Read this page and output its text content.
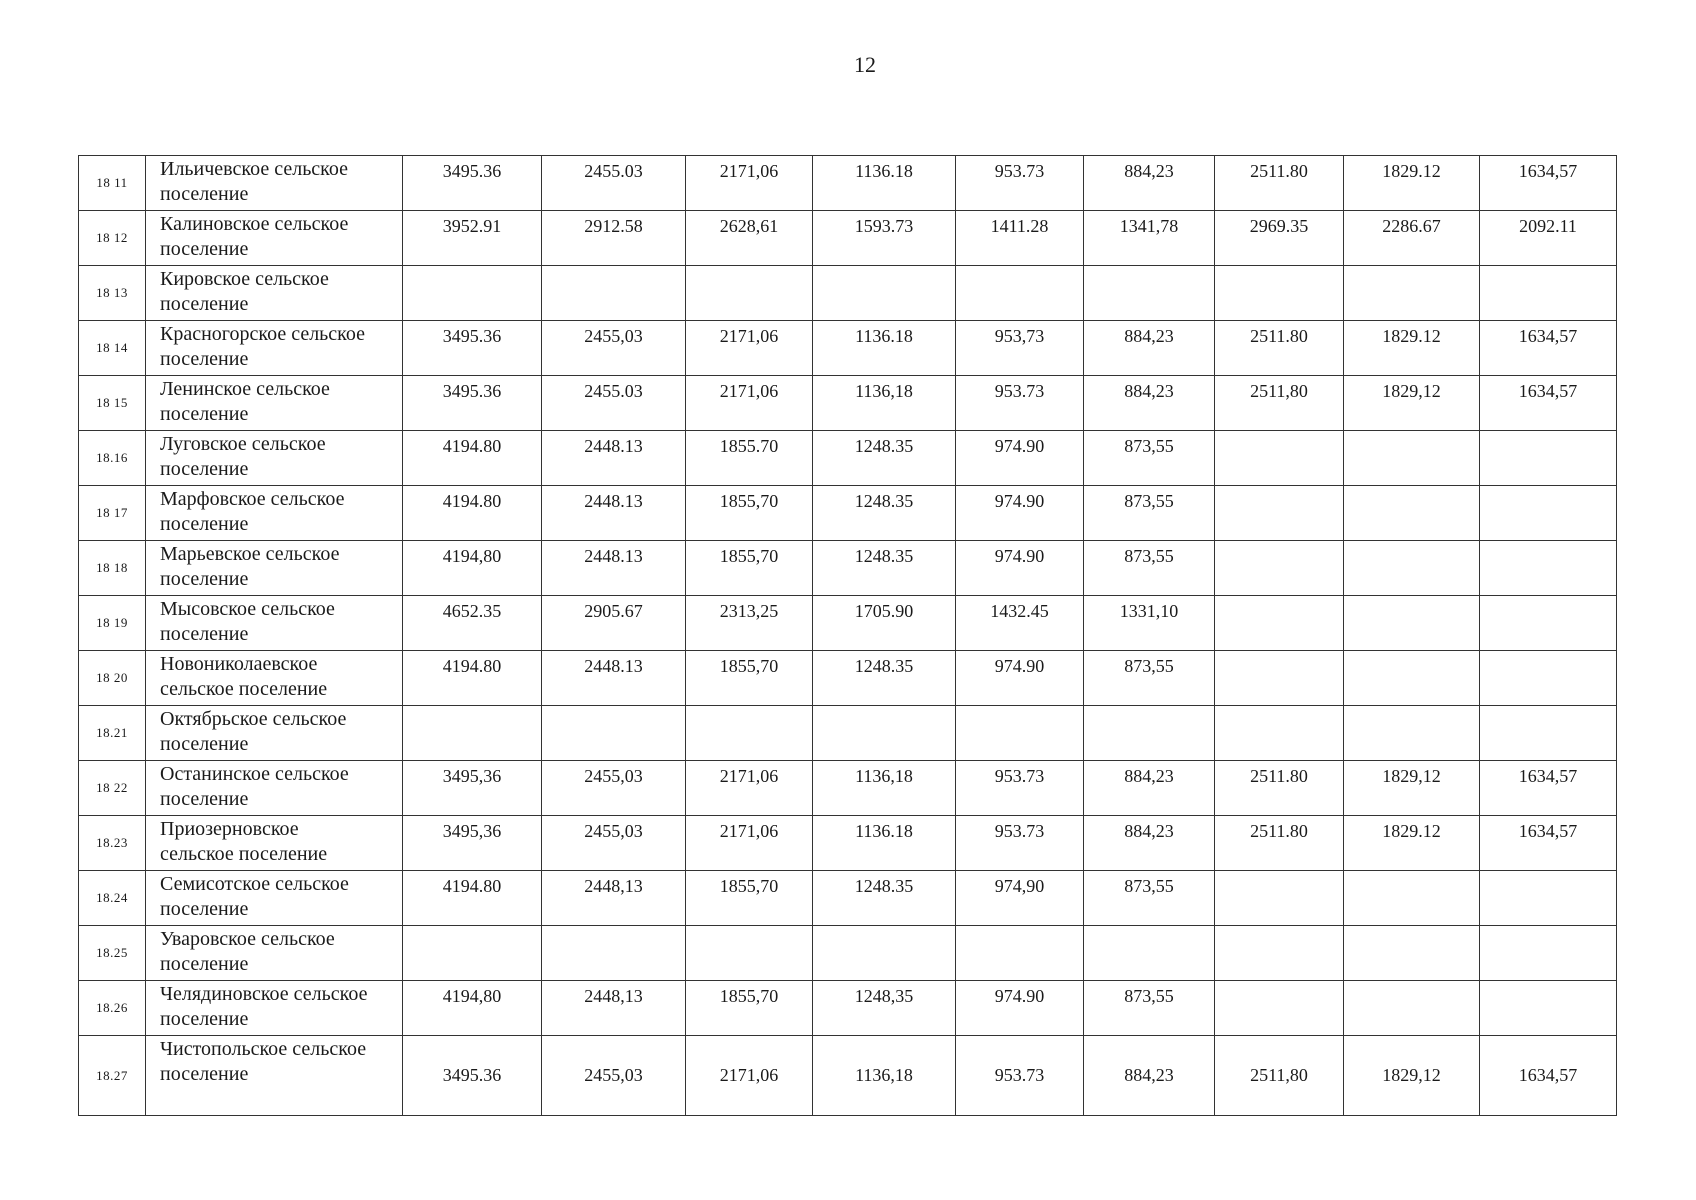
12
18 11	Ильичевское сельское
поселение	3495.36	2455.03	2171,06	1136.18	953.73	884,23	2511.80	1829.12	1634,57
18 12	Калиновское сельское
поселение	3952.91	2912.58	2628,61	1593.73	1411.28	1341,78	2969.35	2286.67	2092.11
18 13	Кировское сельское
поселение									

18 14	Красногорское сельское
поселение	3495.36	2455,03	2171,06	1136.18	953,73	884,23	2511.80	1829.12	1634,57
18 15	Ленинское сельское
поселение	3495.36	2455.03	2171,06	1136,18	953.73	884,23	2511,80	1829,12	1634,57
18.16	Луговское сельское
поселение	4194.80	2448.13	1855.70	1248.35	974.90	873,55			
18 17	Марфовское сельское
поселение	4194.80	2448.13	1855,70	1248.35	974.90	873,55			
18 18	Марьевское сельское
поселение	4194,80	2448.13	1855,70	1248.35	974.90	873,55			
18 19	Мысовское сельское
поселение	4652.35	2905.67	2313,25	1705.90	1432.45	1331,10			
18 20	Новониколаевское
сельское поселение	4194.80	2448.13	1855,70	1248.35	974.90	873,55			
18.21	Октябрьское сельское
поселение									

18 22	Останинское сельское
поселение	3495,36	2455,03	2171,06	1136,18	953.73	884,23	2511.80	1829,12	1634,57
18.23	Приозерновское
сельское поселение	3495,36	2455,03	2171,06	1136.18	953.73	884,23	2511.80	1829.12	1634,57
18.24	Семисотское сельское
поселение	4194.80	2448,13	1855,70	1248.35	974,90	873,55			
18.25	Уваровское сельское
поселение									

18.26	Челядиновское сельское
поселение	4194,80	2448,13	1855,70	1248,35	974.90	873,55			
18.27	Чистопольское сельское
поселение	3495.36	2455,03	2171,06	1136,18	953.73	884,23	2511,80	1829,12	1634,57
